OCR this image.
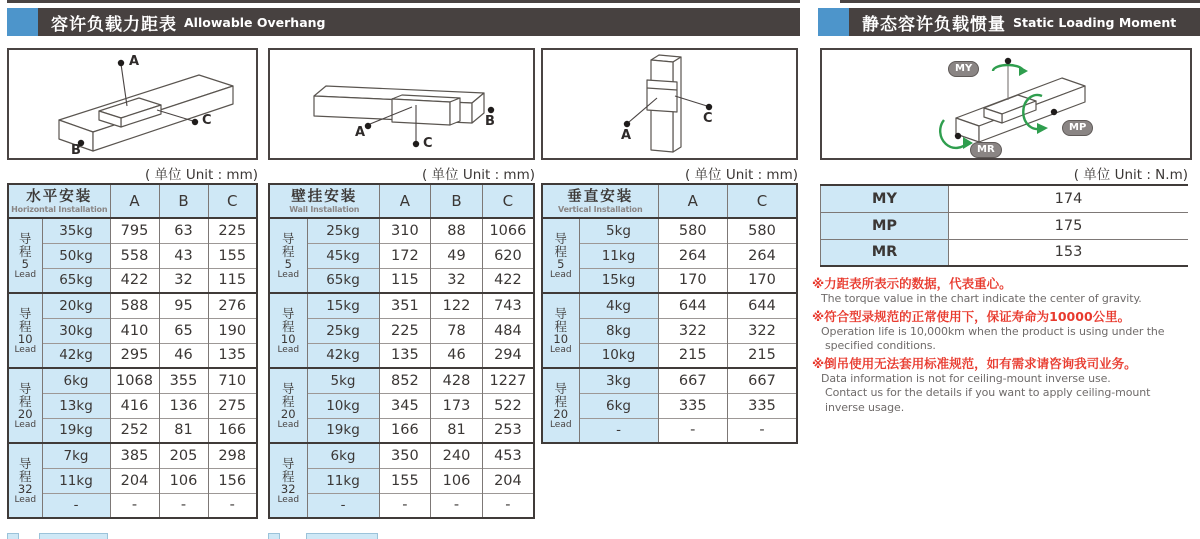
容许负载力距表 Allowable Overhang	静态容许负载惯量 Static Loading Moment
A
B
C
A
B
C
A
C
MY
MP
MR
( 单位 Unit : mm)	( 单位 Unit : mm)	( 单位 Unit : mm)	( 单位 Unit : N.m)
水平安装
Horizontal Installation		A	B	C

导
程
5
Lead	35kg	795	63	225
	50kg	558	43	155
	65kg	422	32	115

导
程
10
Lead	20kg	588	95	276
	30kg	410	65	190
	42kg	295	46	135

导
程
20
Lead	6kg	1068	355	710
	13kg	416	136	275
	19kg	252	81	166

导
程
32
Lead	7kg	385	205	298
	11kg	204	106	156
	-	-	-	-
壁挂安装
Wall Installation		A	B	C

导
程
5
Lead	25kg	310	88	1066
	45kg	172	49	620
	65kg	115	32	422

导
程
10
Lead	15kg	351	122	743
	25kg	225	78	484
	42kg	135	46	294

导
程
20
Lead	5kg	852	428	1227
	10kg	345	173	522
	19kg	166	81	253

导
程
32
Lead	6kg	350	240	453
	11kg	155	106	204
	-	-	-	-
垂直安装
Vertical Installation		A	C

导
程
5
Lead	5kg	580	580
	11kg	264	264
	15kg	170	170

导
程
10
Lead	4kg	644	644
	8kg	322	322
	10kg	215	215

导
程
20
Lead	3kg	667	667
	6kg	335	335
	-	-	-
MY	174
MP	175
MR	153
※力距表所表示的数据，代表重心。
The torque value in the chart indicate the center of gravity.
※符合型录规范的正常使用下，保证寿命为10000公里。
Operation life is 10,000km when the product is using under the
specified conditions.
※倒吊使用无法套用标准规范，如有需求请咨询我司业务。
Data information is not for ceiling-mount inverse use.
Contact us for the details if you want to apply ceiling-mount
inverse usage.
